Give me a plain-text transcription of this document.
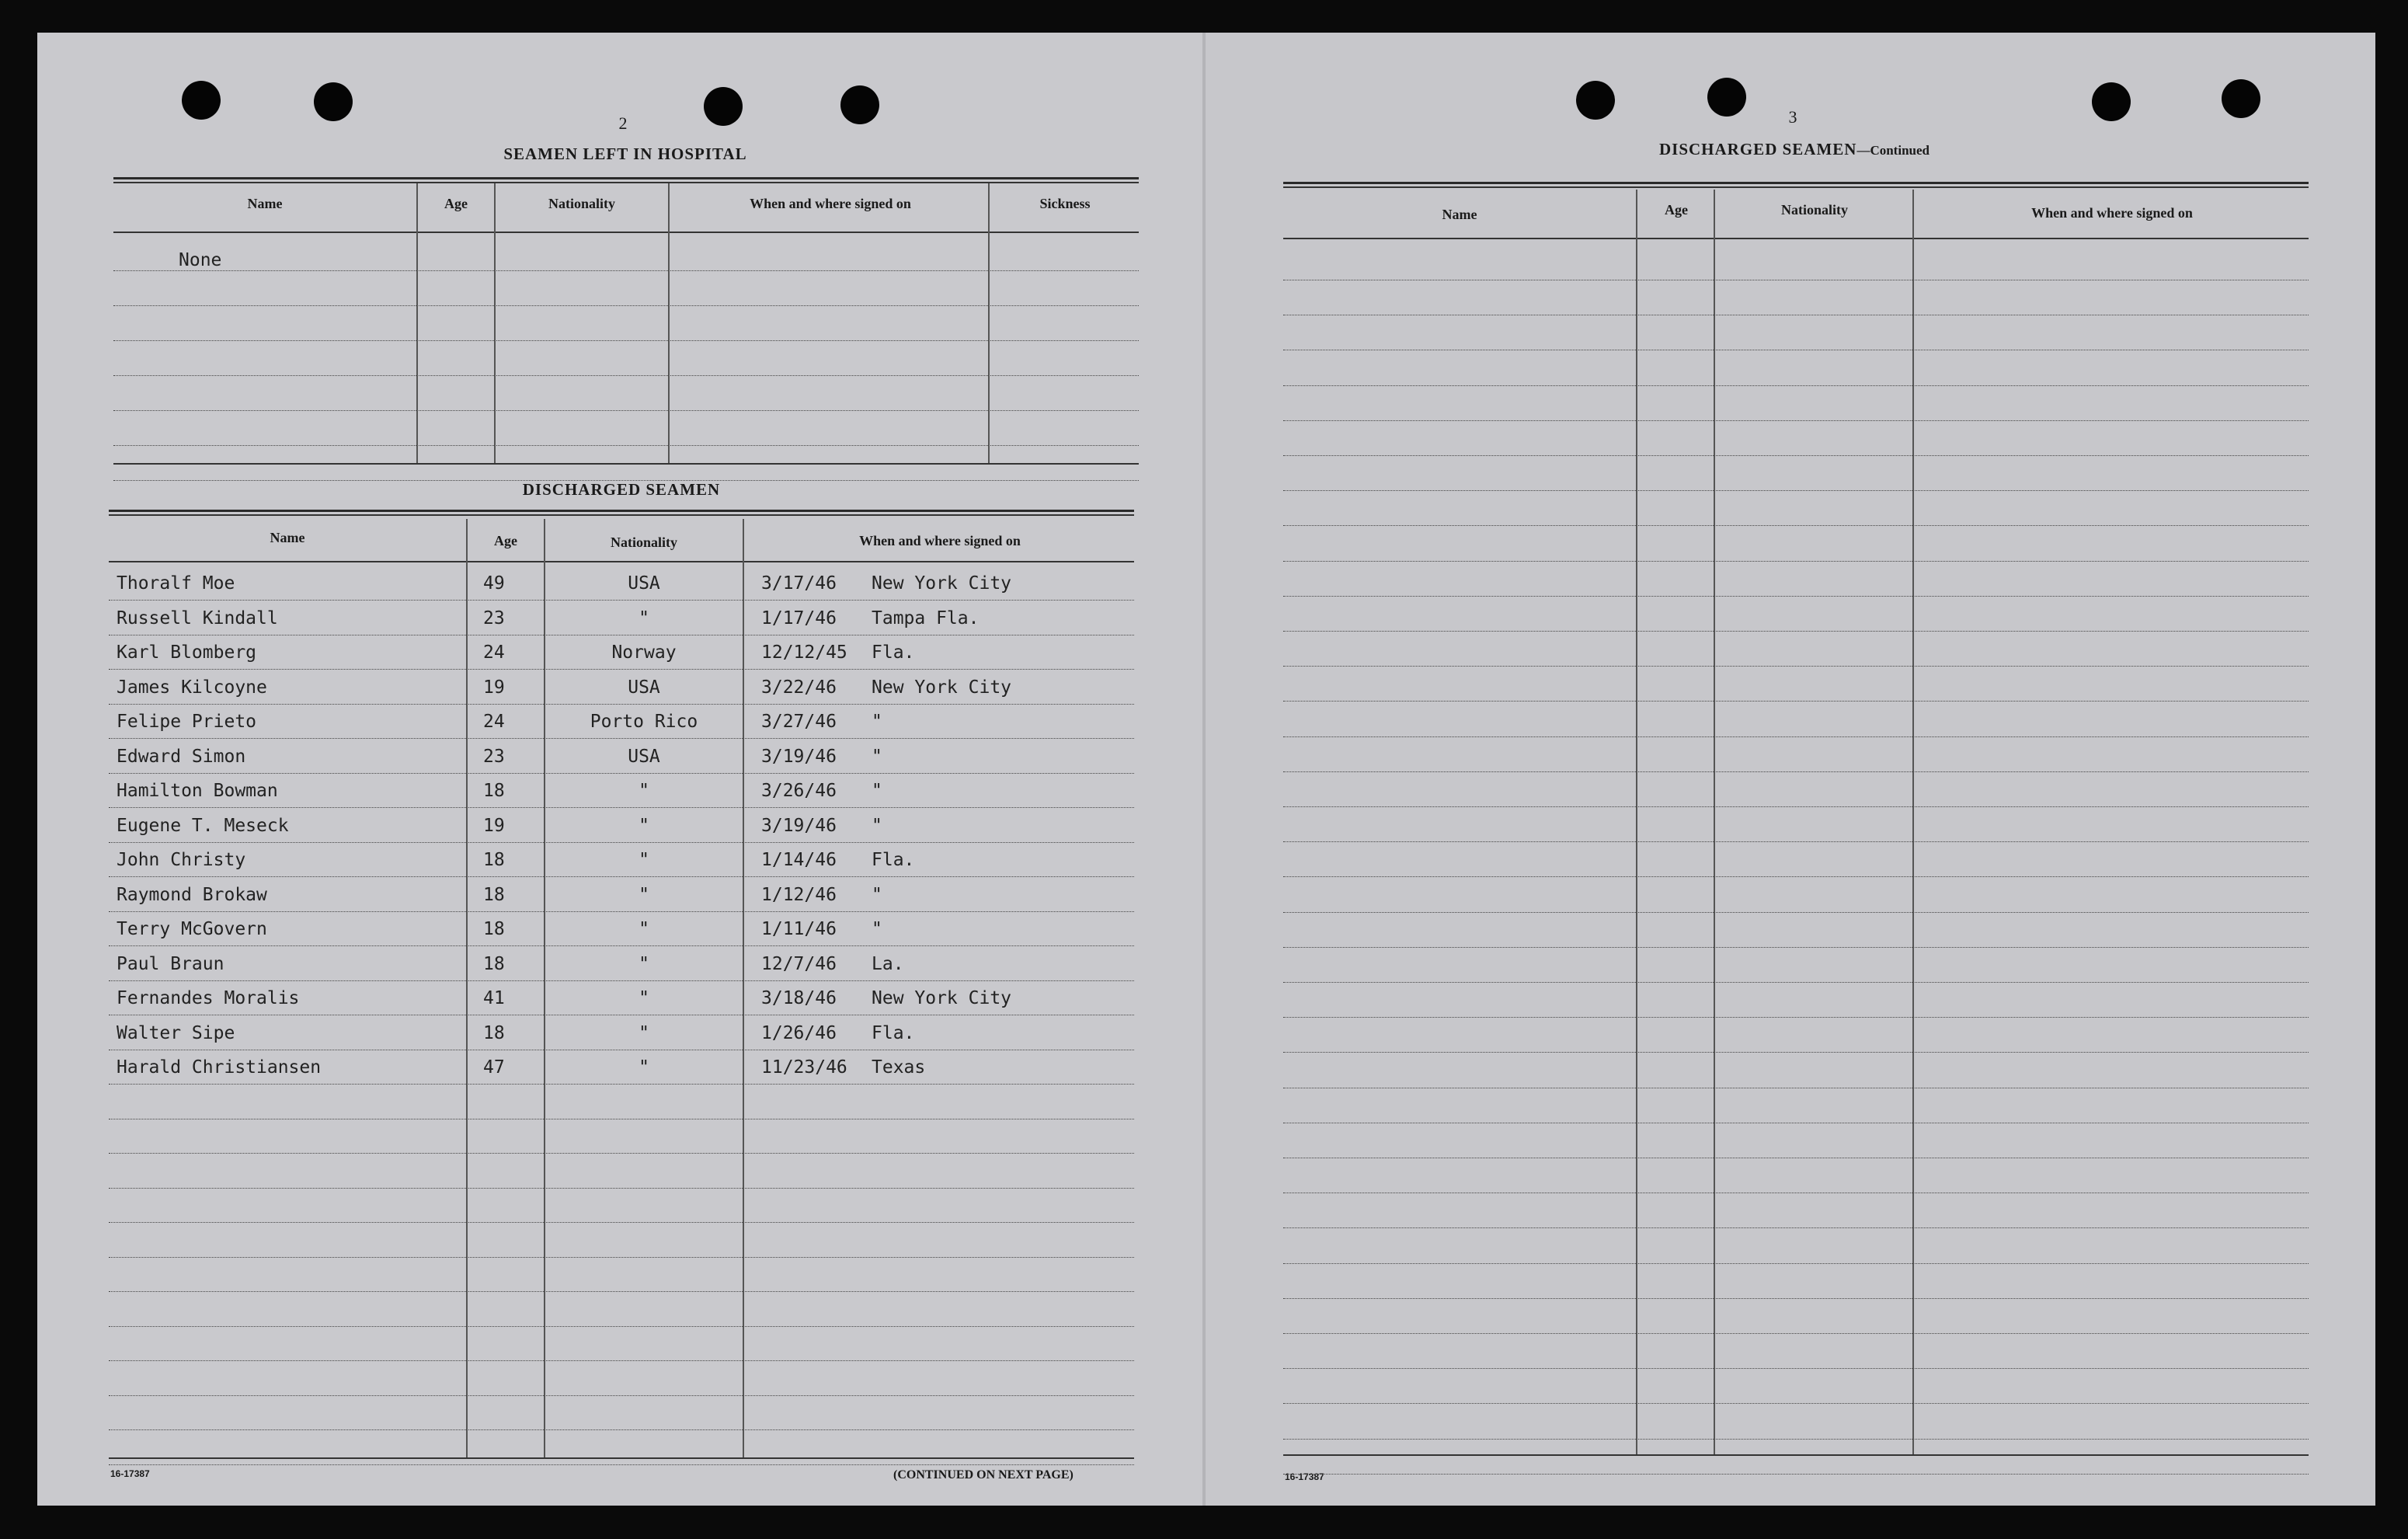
2
SEAMEN LEFT IN HOSPITAL
Name	Age	Nationality	When and where signed on	Sickness
None
DISCHARGED SEAMEN
Name	Age	Nationality	When and where signed on
16-17387	(CONTINUED ON NEXT PAGE)
3
DISCHARGED SEAMEN—Continued
Name	Age	Nationality	When and where signed on
16-17387
Thoralf Moe	49	USA	3/17/46 New York City
Russell Kindall	23	"	1/17/46 Tampa Fla.
Karl Blomberg	24	Norway	12/12/45 Fla.
James Kilcoyne	19	USA	3/22/46 New York City
Felipe Prieto	24	Porto Rico	3/27/46 "
Edward Simon	23	USA	3/19/46 "
Hamilton Bowman	18	"	3/26/46 "
Eugene T. Meseck	19	"	3/19/46 "
John Christy	18	"	1/14/46 Fla.
Raymond Brokaw	18	"	1/12/46 "
Terry McGovern	18	"	1/11/46 "
Paul Braun	18	"	12/7/46 La.
Fernandes Moralis	41	"	3/18/46 New York City
Walter Sipe	18	"	1/26/46 Fla.
Harald Christiansen	47	"	11/23/46 Texas
